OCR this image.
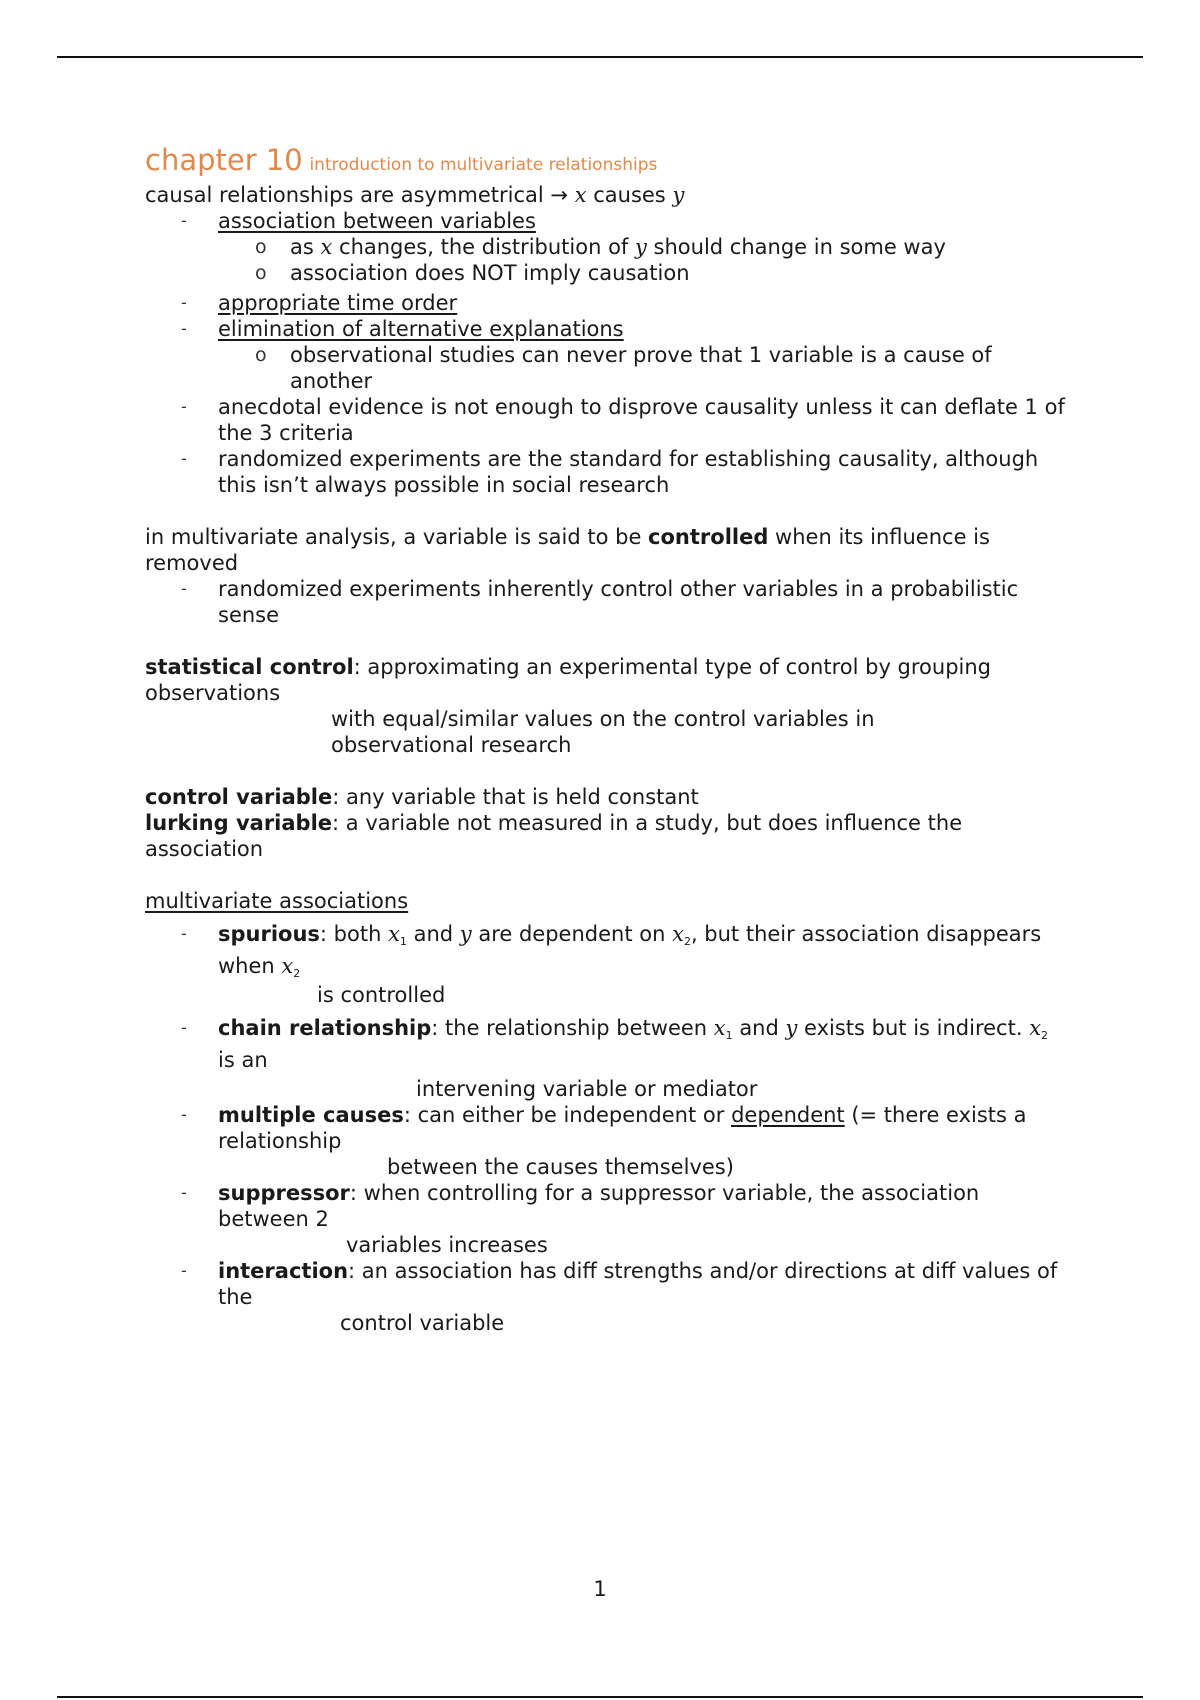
chapter 10 introduction to multivariate relationships

causal relationships are asymmetrical → x causes y

- association between variables

o as x changes, the distribution of y should change in some way

o association does NOT imply causation

- appropriate time order

- elimination of alternative explanations

o observational studies can never prove that 1 variable is a cause of another

- anecdotal evidence is not enough to disprove causality unless it can deflate 1 of the 3 criteria

- randomized experiments are the standard for establishing causality, although this isn’t always possible in social research

in multivariate analysis, a variable is said to be controlled when its influence is removed

- randomized experiments inherently control other variables in a probabilistic sense

statistical control: approximating an experimental type of control by grouping observations

with equal/similar values on the control variables in

observational research

control variable: any variable that is held constant

lurking variable: a variable not measured in a study, but does influence the association

multivariate associations

- spurious: both $x_1$ and y are dependent on $x_2$, but their association disappears when $x_2$

is controlled

- chain relationship: the relationship between $x_1$ and y exists but is indirect. $x_2$ is an

intervening variable or mediator

- multiple causes: can either be independent or dependent (= there exists a relationship

between the causes themselves)

- suppressor: when controlling for a suppressor variable, the association between 2

variables increases

- interaction: an association has diff strengths and/or directions at diff values of the

control variable

1
